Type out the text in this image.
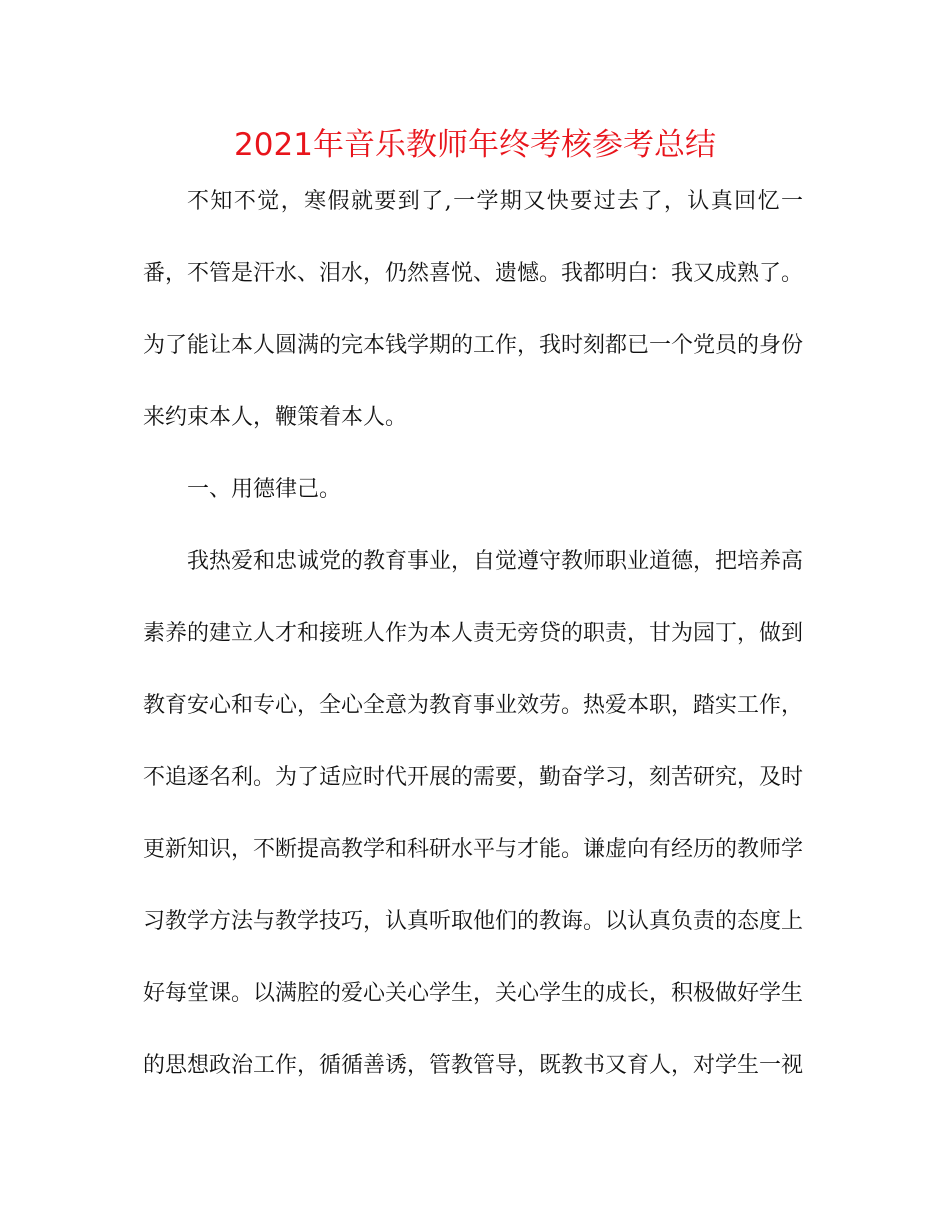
2021年音乐教师年终考核参考总结

不知不觉，寒假就要到了,一学期又快要过去了，认真回忆一番，不管是汗水、泪水，仍然喜悦、遗憾。我都明白：我又成熟了。为了能让本人圆满的完本钱学期的工作，我时刻都已一个党员的身份来约束本人，鞭策着本人。

一、用德律己。

我热爱和忠诚党的教育事业，自觉遵守教师职业道德，把培养高素养的建立人才和接班人作为本人责无旁贷的职责，甘为园丁，做到教育安心和专心，全心全意为教育事业效劳。热爱本职，踏实工作，不追逐名利。为了适应时代开展的需要，勤奋学习，刻苦研究，及时更新知识，不断提高教学和科研水平与才能。谦虚向有经历的教师学习教学方法与教学技巧，认真听取他们的教诲。以认真负责的态度上好每堂课。以满腔的爱心关心学生，关心学生的成长，积极做好学生的思想政治工作，循循善诱，管教管导，既教书又育人，对学生一视
